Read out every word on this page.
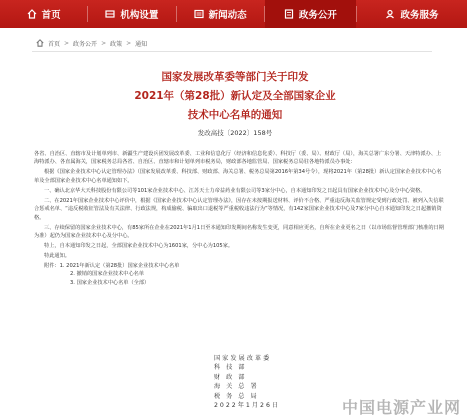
首页	机构设置	新闻动态	政务公开	政务服务
首页 > 政务公开 > 政策 > 通知
国家发展改革委等部门关于印发
2021年（第28批）新认定及全部国家企业
技术中心名单的通知
发改高技〔2022〕158号

各省、自治区、直辖市及计划单列市、新疆生产建设兵团发展改革委、工业和信息化厅（经济和信息化委）、科技厅（委、局）、财政厅（局），海关总署广东分署、天津特派办、上海特派办、各直属海关，国家税务总局各省、自治区、直辖市和计划单列市税务局，财政部各地监管局、国家税务总局驻各地特派员办事处：

根据《国家企业技术中心认定管理办法》（国家发展改革委、科技部、财政部、海关总署、税务总局第2016年第34号令），现将2021年（第28批）新认定国家企业技术中心名单及全部国家企业技术中心名单通知如下。

一、确认北京华大天科技股份有限公司等101家企业技术中心、江苏天士力帝益药业有限公司等3家分中心，自本通知印发之日起具有国家企业技术中心及分中心资格。

二、在2021年国家企业技术中心评价中，根据《国家企业技术中心认定管理办法》，因存在未按期报送材料、评价不合格、严重违反海关监管规定受到行政处罚、被列入失信联合惩戒名单、“违反税收征管法及有关法律、行政法规，构成偷税、骗取出口退税等严重税收违法行为”等情况，有142家国家企业技术中心及7家分中心自本通知印发之日起撤销资格。

三、存续保留的国家企业技术中心，有85家所在企业在2021年1月1日至本通知印发期间名称发生变更，同意相应更名，自所在企业更名之日（以市场监督管理部门核准的日期为准）起仍为国家企业技术中心及分中心。

特上，自本通知印发之日起，全部国家企业技术中心为1601家，分中心为105家。

特此通知。

附件：1. 2021年新认定（第28批）国家企业技术中心名单

2. 撤销的国家企业技术中心名单

3. 国家企业技术中心名单（全部）

国家发展改革委
科 技 部
财 政 部
海 关 总 署
税 务 总 局
2022年1月26日	中国电源产业网
